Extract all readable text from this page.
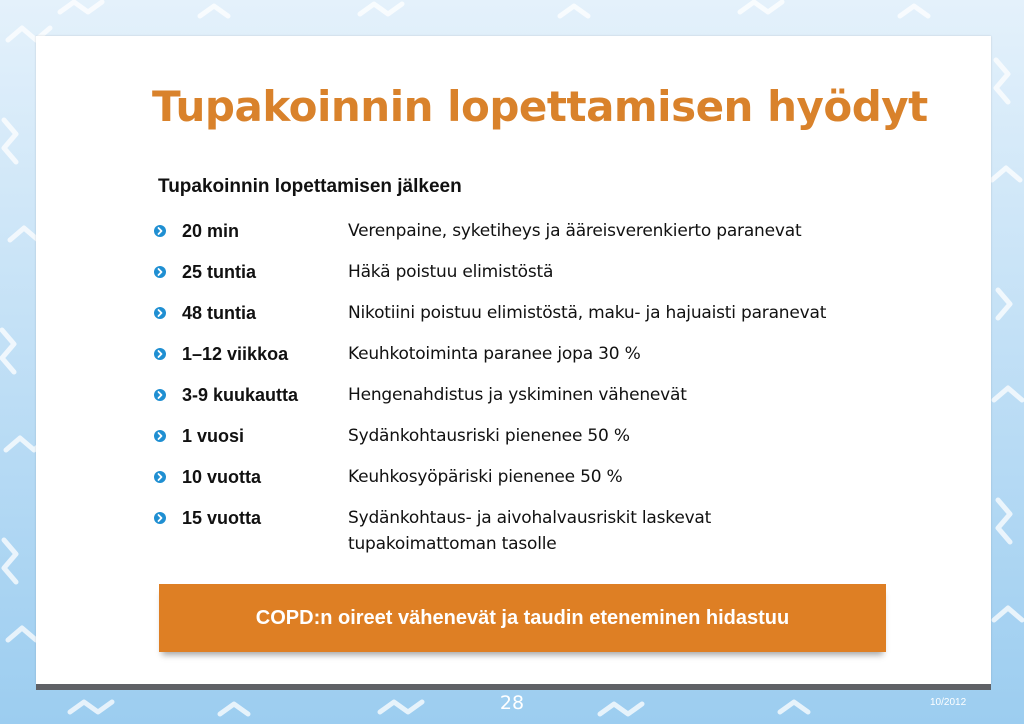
Tupakoinnin lopettamisen hyödyt
Tupakoinnin lopettamisen jälkeen
20 min	Verenpaine, syketiheys ja ääreisverenkierto paranevat
25 tuntia	Häkä poistuu elimistöstä
48 tuntia	Nikotiini poistuu elimistöstä, maku- ja hajuaisti paranevat
1–12 viikkoa	Keuhkotoiminta paranee jopa 30 %
3-9 kuukautta	Hengenahdistus ja yskiminen vähenevät
1 vuosi	Sydänkohtausriski pienenee 50 %
10 vuotta	Keuhkosyöpäriski pienenee 50 %
15 vuotta	Sydänkohtaus- ja aivohalvausriskit laskevat
tupakoimattoman tasolle
COPD:n oireet vähenevät ja taudin eteneminen hidastuu
28	10/2012
